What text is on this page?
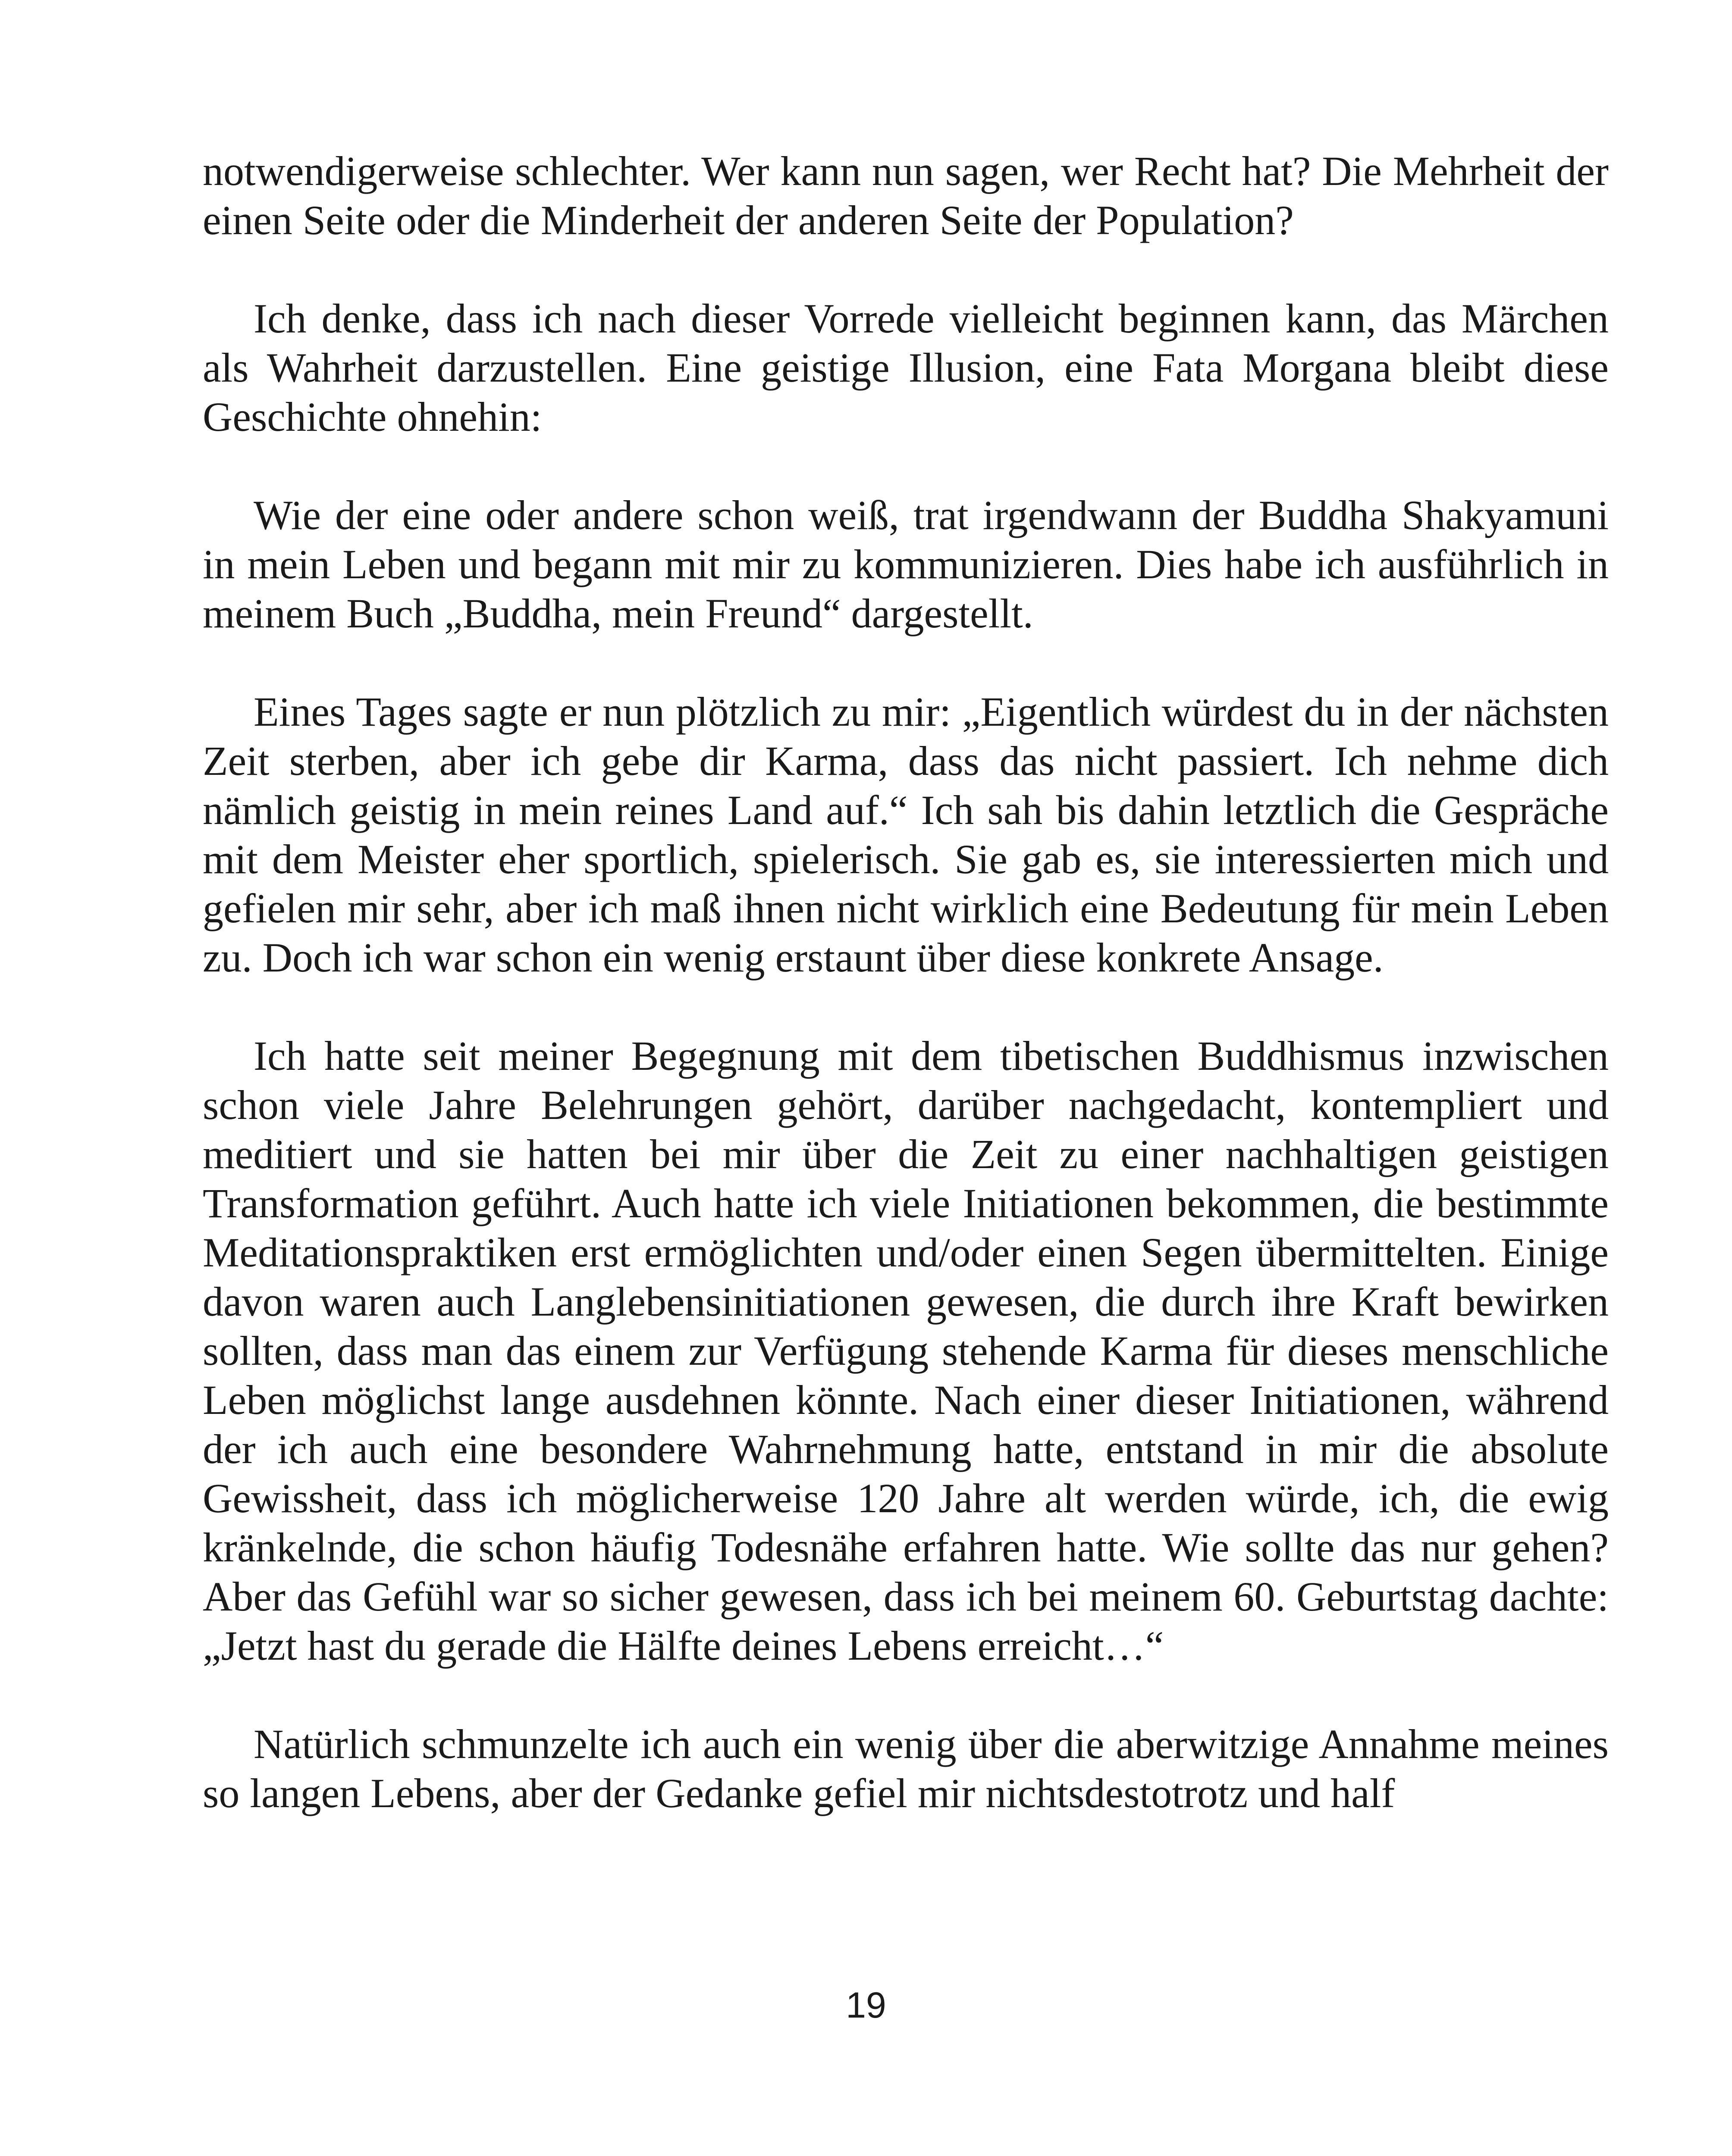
notwendigerweise schlechter. Wer kann nun sagen, wer Recht hat? Die Mehrheit der einen Seite oder die Minderheit der anderen Seite der Population?

Ich denke, dass ich nach dieser Vorrede vielleicht beginnen kann, das Märchen als Wahrheit darzustellen. Eine geistige Illusion, eine Fata Morgana bleibt diese Geschichte ohnehin:

Wie der eine oder andere schon weiß, trat irgendwann der Buddha Shakyamuni in mein Leben und begann mit mir zu kommunizieren. Dies habe ich ausführlich in meinem Buch „Buddha, mein Freund“ dargestellt.

Eines Tages sagte er nun plötzlich zu mir: „Eigentlich würdest du in der nächsten Zeit sterben, aber ich gebe dir Karma, dass das nicht passiert. Ich nehme dich nämlich geistig in mein reines Land auf.“ Ich sah bis dahin letztlich die Gespräche mit dem Meister eher sportlich, spielerisch. Sie gab es, sie interessierten mich und gefielen mir sehr, aber ich maß ihnen nicht wirklich eine Bedeutung für mein Leben zu. Doch ich war schon ein wenig erstaunt über diese konkrete Ansage.

Ich hatte seit meiner Begegnung mit dem tibetischen Buddhismus inzwischen schon viele Jahre Belehrungen gehört, darüber nachgedacht, kontempliert und meditiert und sie hatten bei mir über die Zeit zu einer nachhaltigen geistigen Transformation geführt. Auch hatte ich viele Initiationen bekommen, die bestimmte Meditationspraktiken erst ermöglichten und/oder einen Segen übermittelten. Einige davon waren auch Langlebensinitiationen gewesen, die durch ihre Kraft bewirken sollten, dass man das einem zur Verfügung stehende Karma für dieses menschliche Leben möglichst lange ausdehnen könnte. Nach einer dieser Initiationen, während der ich auch eine besondere Wahrnehmung hatte, entstand in mir die absolute Gewissheit, dass ich möglicherweise 120 Jahre alt werden würde, ich, die ewig kränkelnde, die schon häufig Todesnähe erfahren hatte. Wie sollte das nur gehen? Aber das Gefühl war so sicher gewesen, dass ich bei meinem 60. Geburtstag dachte: „Jetzt hast du gerade die Hälfte deines Lebens erreicht…“

Natürlich schmunzelte ich auch ein wenig über die aberwitzige Annahme meines so langen Lebens, aber der Gedanke gefiel mir nichtsdestotrotz und half

19
